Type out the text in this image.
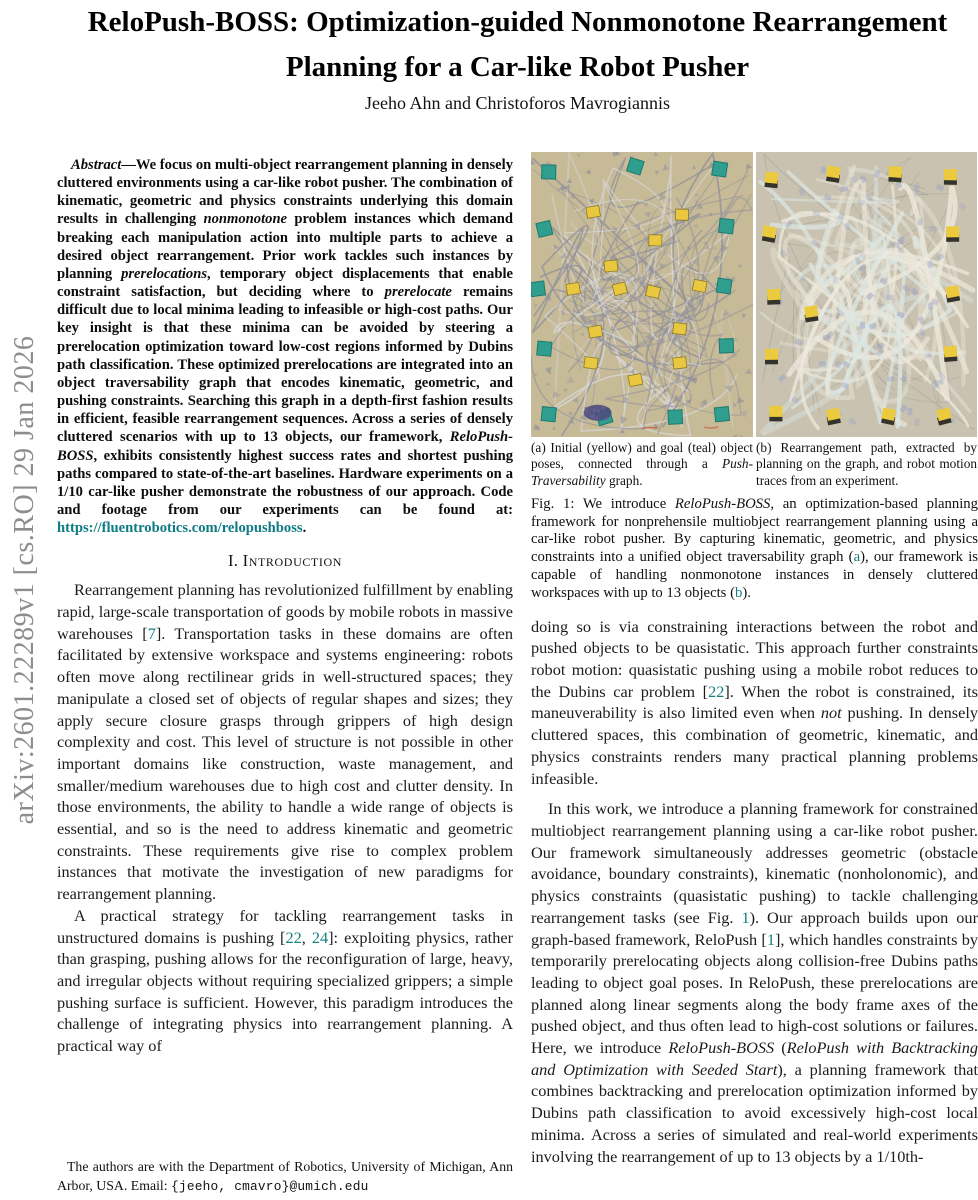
arXiv:2601.22289v1 [cs.RO] 29 Jan 2026
ReloPush-BOSS: Optimization-guided Nonmonotone Rearrangement
Planning for a Car-like Robot Pusher
Jeeho Ahn and Christoforos Mavrogiannis

Abstract—We focus on multi-object rearrangement planning in densely cluttered environments using a car-like robot pusher. The combination of kinematic, geometric and physics constraints underlying this domain results in challenging nonmonotone problem instances which demand breaking each manipulation action into multiple parts to achieve a desired object rearrangement. Prior work tackles such instances by planning prerelocations, temporary object displacements that enable constraint satisfaction, but deciding where to prerelocate remains difficult due to local minima leading to infeasible or high-cost paths. Our key insight is that these minima can be avoided by steering a prerelocation optimization toward low-cost regions informed by Dubins path classification. These optimized prerelocations are integrated into an object traversability graph that encodes kinematic, geometric, and pushing constraints. Searching this graph in a depth-first fashion results in efficient, feasible rearrangement sequences. Across a series of densely cluttered scenarios with up to 13 objects, our framework, ReloPush-BOSS, exhibits consistently highest success rates and shortest pushing paths compared to state-of-the-art baselines. Hardware experiments on a 1/10 car-like pusher demonstrate the robustness of our approach. Code and footage from our experiments can be found at: https://fluentrobotics.com/relopushboss.

I. Introduction

Rearrangement planning has revolutionized fulfillment by enabling rapid, large-scale transportation of goods by mobile robots in massive warehouses [7]. Transportation tasks in these domains are often facilitated by extensive workspace and systems engineering: robots often move along rectilinear grids in well-structured spaces; they manipulate a closed set of objects of regular shapes and sizes; they apply secure closure grasps through grippers of high design complexity and cost. This level of structure is not possible in other important domains like construction, waste management, and smaller/medium warehouses due to high cost and clutter density. In those environments, the ability to handle a wide range of objects is essential, and so is the need to address kinematic and geometric constraints. These requirements give rise to complex problem instances that motivate the investigation of new paradigms for rearrangement planning.

A practical strategy for tackling rearrangement tasks in unstructured domains is pushing [22, 24]: exploiting physics, rather than grasping, pushing allows for the reconfiguration of large, heavy, and irregular objects without requiring specialized grippers; a simple pushing surface is sufficient. However, this paradigm introduces the challenge of integrating physics into rearrangement planning. A practical way of

The authors are with the Department of Robotics, University of Michigan, Ann Arbor, USA. Email: {jeeho, cmavro}@umich.edu
(a) Initial (yellow) and goal (teal) object poses, connected through a Push-Traversability graph.
(b) Rearrangement path, extracted by planning on the graph, and robot motion traces from an experiment.
Fig. 1: We introduce ReloPush-BOSS, an optimization-based planning framework for nonprehensile multiobject rearrangement planning using a car-like robot pusher. By capturing kinematic, geometric, and physics constraints into a unified object traversability graph (a), our framework is capable of handling nonmonotone instances in densely cluttered workspaces with up to 13 objects (b).

doing so is via constraining interactions between the robot and pushed objects to be quasistatic. This approach further constraints robot motion: quasistatic pushing using a mobile robot reduces to the Dubins car problem [22]. When the robot is constrained, its maneuverability is also limited even when not pushing. In densely cluttered spaces, this combination of geometric, kinematic, and physics constraints renders many practical planning problems infeasible.

In this work, we introduce a planning framework for constrained multiobject rearrangement planning using a car-like robot pusher. Our framework simultaneously addresses geometric (obstacle avoidance, boundary constraints), kinematic (nonholonomic), and physics constraints (quasistatic pushing) to tackle challenging rearrangement tasks (see Fig. 1). Our approach builds upon our graph-based framework, ReloPush [1], which handles constraints by temporarily prerelocating objects along collision-free Dubins paths leading to object goal poses. In ReloPush, these prerelocations are planned along linear segments along the body frame axes of the pushed object, and thus often lead to high-cost solutions or failures. Here, we introduce ReloPush-BOSS (ReloPush with Backtracking and Optimization with Seeded Start), a planning framework that combines backtracking and prerelocation optimization informed by Dubins path classification to avoid excessively high-cost local minima. Across a series of simulated and real-world experiments involving the rearrangement of up to 13 objects by a 1/10th-
